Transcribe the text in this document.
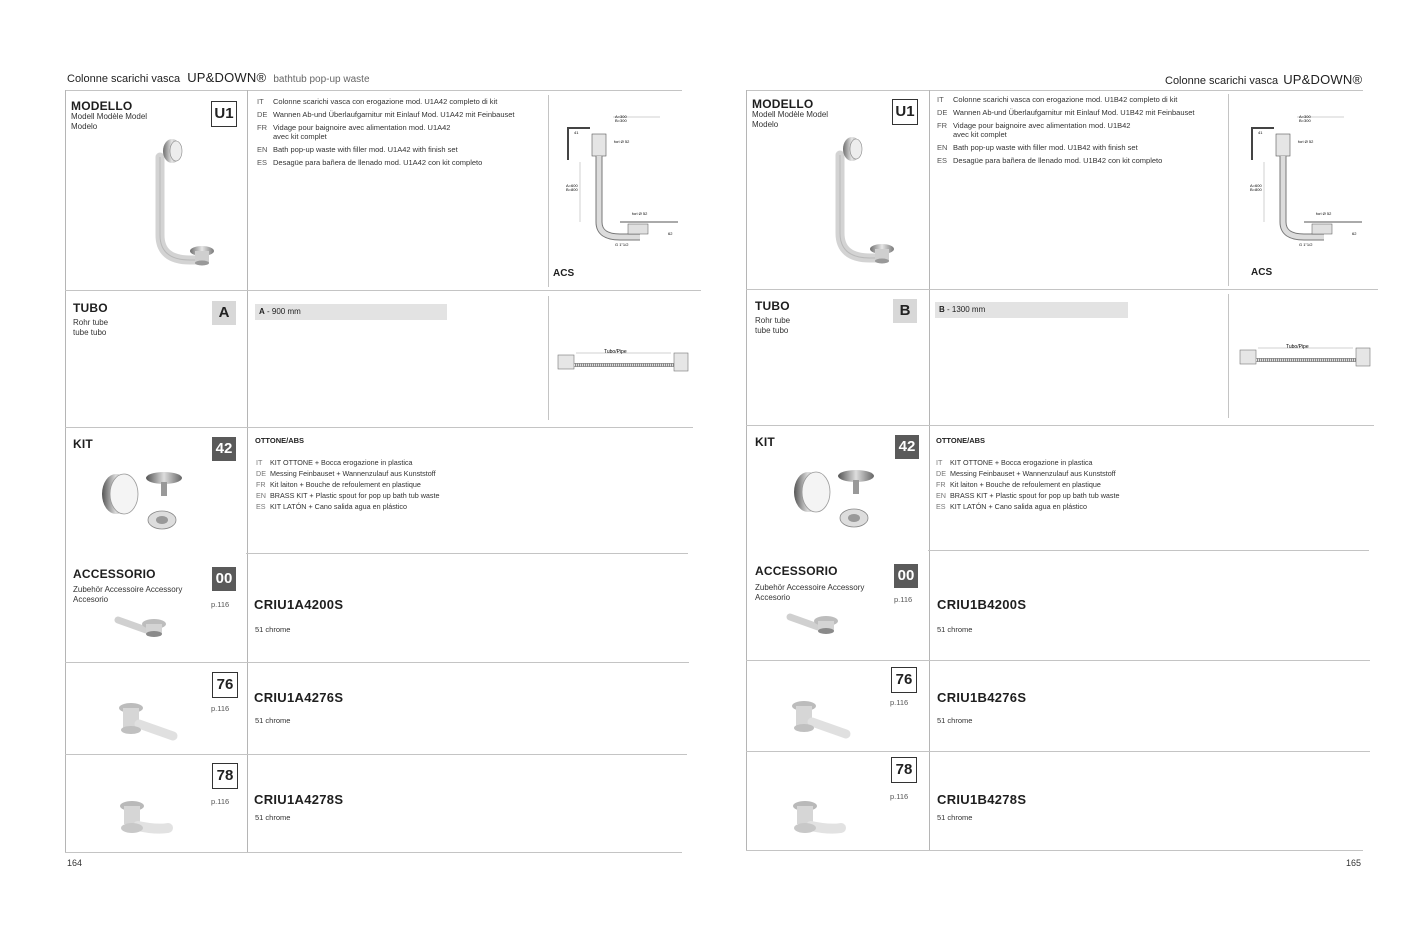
Colonne scarichi vasca UP&DOWN® bathtub pop-up waste
MODELLO
Modell Modèle Model
Modelo
U1
IT	Colonne scarichi vasca con erogazione mod. U1A42 completo di kit
DE Wannen Ab-und Überlaufgarnitur mit Einlauf Mod. U1A42 mit Feinbauset
FR Vidage pour baignoire avec alimentation mod. U1A42
avec kit complet
EN Bath pop-up waste with filler mod. U1A42 with finish set
ES Desagüe para bañera de llenado mod. U1A42 con kit completo
A=300
B=300
41
fori Ø 52
A=600
B=800
fori Ø 52
62
G 1"1/2
ACS
TUBO
Rohr tube
tube tubo
A	A - 900 mm
Tubo/Pipe
KIT	42	OTTONE/ABS
IT	KIT OTTONE + Bocca erogazione in plastica
DE Messing Feinbauset + Wannenzulauf aus Kunststoff
FR Kit laiton + Bouche de refoulement en plastique
EN BRASS KIT + Plastic spout for pop up bath tub waste
ES KIT LATÓN + Cano salida agua en plástico
ACCESSORIO
Zubehör Accessoire Accessory
Accesorio
00
p.116 CRIU1A4200S
51 chrome
76
p.116
CRIU1A4276S
51 chrome
78
p.116 CRIU1A4278S
51 chrome
164
Colonne scarichi vasca UP&DOWN®
MODELLO
Modell Modèle Model
Modelo
U1
IT	Colonne scarichi vasca con erogazione mod. U1B42 completo di kit
DE Wannen Ab-und Überlaufgarnitur mit Einlauf Mod. U1B42 mit Feinbauset
FR Vidage pour baignoire avec alimentation mod. U1B42
avec kit complet
EN Bath pop-up waste with filler mod. U1B42 with finish set
ES Desagüe para bañera de llenado mod. U1B42 con kit completo
A=300
B=300
41
fori Ø 52
A=600
B=800
fori Ø 52
62
G 1"1/2
ACS
TUBO
Rohr tube
tube tubo
B	B - 1300 mm
Tubo/Pipe
KIT	42	OTTONE/ABS
IT	KIT OTTONE + Bocca erogazione in plastica
DE Messing Feinbauset + Wannenzulauf aus Kunststoff
FR Kit laiton + Bouche de refoulement en plastique
EN BRASS KIT + Plastic spout for pop up bath tub waste
ES KIT LATÓN + Cano salida agua en plástico
ACCESSORIO
Zubehör Accessoire Accessory
Accesorio
00
p.116 CRIU1B4200S
51 chrome
76
p.116 CRIU1B4276S
51 chrome
78
p.116 CRIU1B4278S
51 chrome
165
